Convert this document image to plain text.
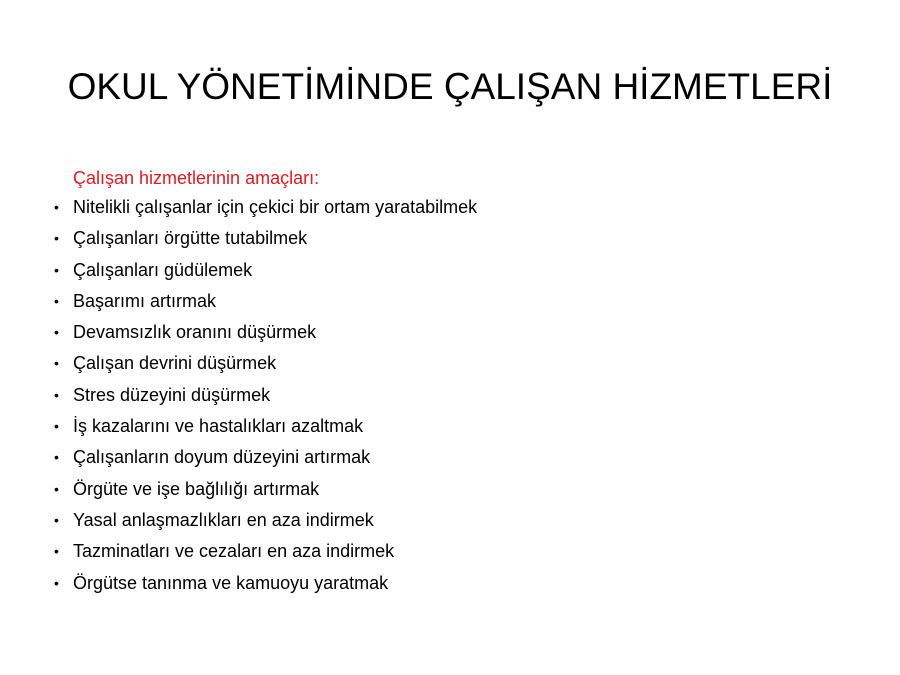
OKUL YÖNETİMİNDE ÇALIŞAN HİZMETLERİ

Çalışan hizmetlerinin amaçları:

• Nitelikli çalışanlar için çekici bir ortam yaratabilmek
• Çalışanları örgütte tutabilmek
• Çalışanları güdülemek
• Başarımı artırmak
• Devamsızlık oranını düşürmek
• Çalışan devrini düşürmek
• Stres düzeyini düşürmek
• İş kazalarını ve hastalıkları azaltmak
• Çalışanların doyum düzeyini artırmak
• Örgüte ve işe bağlılığı artırmak
• Yasal anlaşmazlıkları en aza indirmek
• Tazminatları ve cezaları en aza indirmek
• Örgütse tanınma ve kamuoyu yaratmak
